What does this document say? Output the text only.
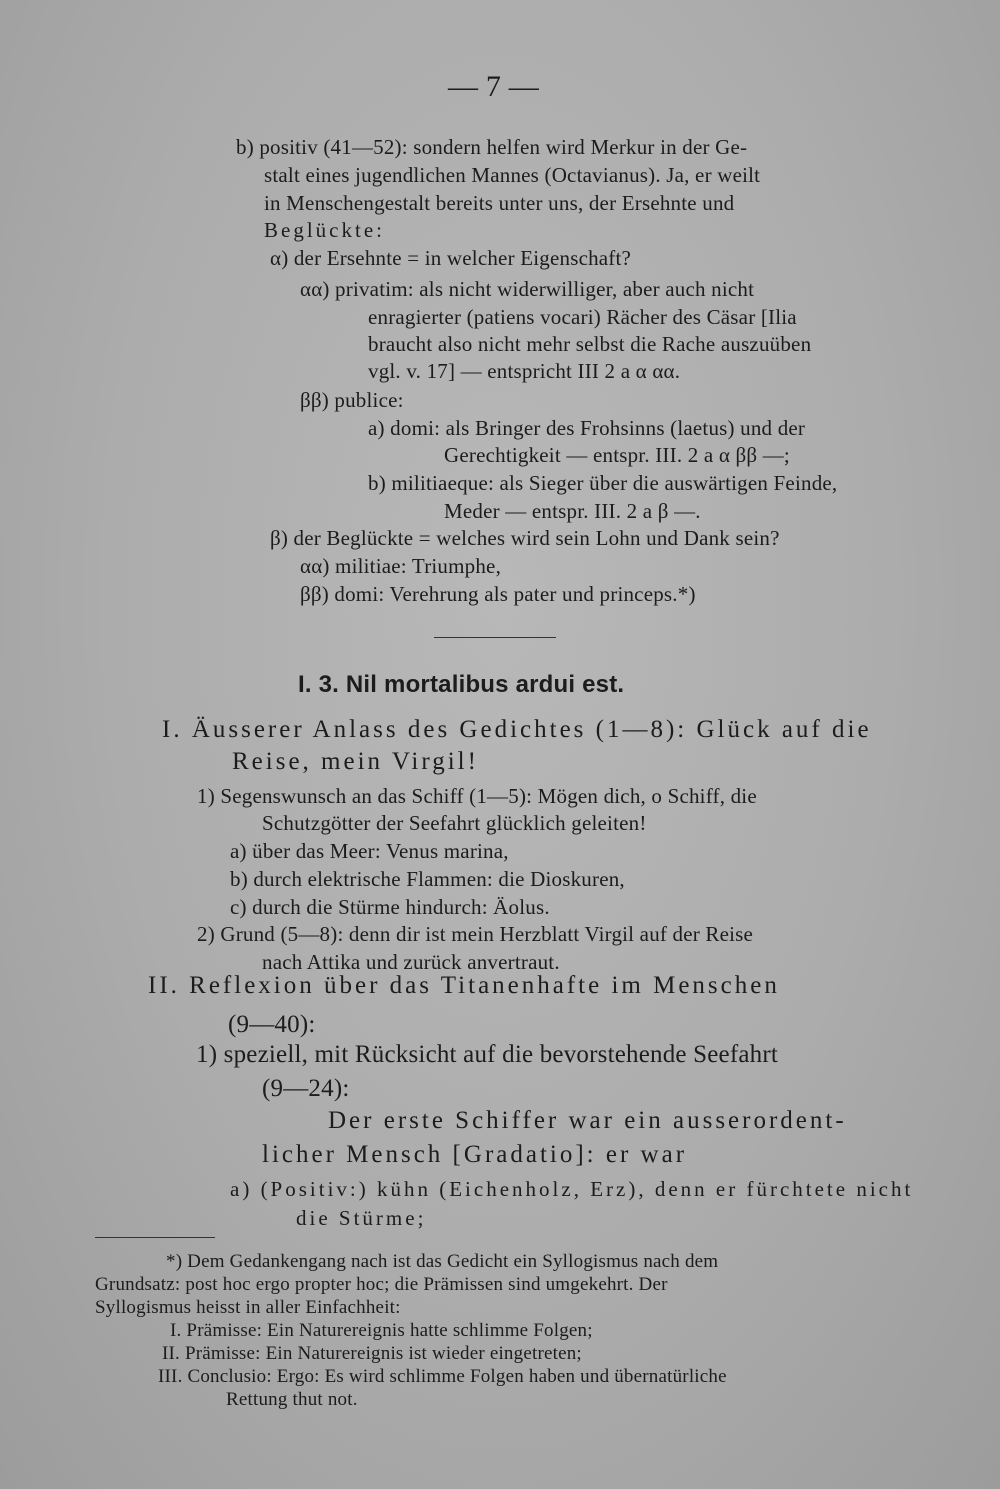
— 7 —
b) positiv (41—52): sondern helfen wird Merkur in der Ge-
stalt eines jugendlichen Mannes (Octavianus). Ja, er weilt
in Menschengestalt bereits unter uns, der Ersehnte und
Beglückte:
α) der Ersehnte = in welcher Eigenschaft?
αα) privatim: als nicht widerwilliger, aber auch nicht
enragierter (patiens vocari) Rächer des Cäsar [Ilia
braucht also nicht mehr selbst die Rache auszuüben
vgl. v. 17] — entspricht III 2 a α αα.
ββ) publice:
a) domi: als Bringer des Frohsinns (laetus) und der
Gerechtigkeit — entspr. III. 2 a α ββ —;
b) militiaeque: als Sieger über die auswärtigen Feinde,
Meder — entspr. III. 2 a β —.
β) der Beglückte = welches wird sein Lohn und Dank sein?
αα) militiae: Triumphe,
ββ) domi: Verehrung als pater und princeps.*)
I. 3. Nil mortalibus ardui est.
I. Äusserer Anlass des Gedichtes (1—8): Glück auf die
Reise, mein Virgil!
1) Segenswunsch an das Schiff (1—5): Mögen dich, o Schiff, die
Schutzgötter der Seefahrt glücklich geleiten!
a) über das Meer: Venus marina,
b) durch elektrische Flammen: die Dioskuren,
c) durch die Stürme hindurch: Äolus.
2) Grund (5—8): denn dir ist mein Herzblatt Virgil auf der Reise
nach Attika und zurück anvertraut.
II. Reflexion über das Titanenhafte im Menschen
(9—40):
1) speziell, mit Rücksicht auf die bevorstehende Seefahrt
(9—24):
Der erste Schiffer war ein ausserordent-
licher Mensch [Gradatio]: er war
a) (Positiv:) kühn (Eichenholz, Erz), denn er fürchtete nicht
die Stürme;
*) Dem Gedankengang nach ist das Gedicht ein Syllogismus nach dem
Grundsatz: post hoc ergo propter hoc; die Prämissen sind umgekehrt. Der
Syllogismus heisst in aller Einfachheit:
I. Prämisse: Ein Naturereignis hatte schlimme Folgen;
II. Prämisse: Ein Naturereignis ist wieder eingetreten;
III. Conclusio: Ergo: Es wird schlimme Folgen haben und übernatürliche
Rettung thut not.
